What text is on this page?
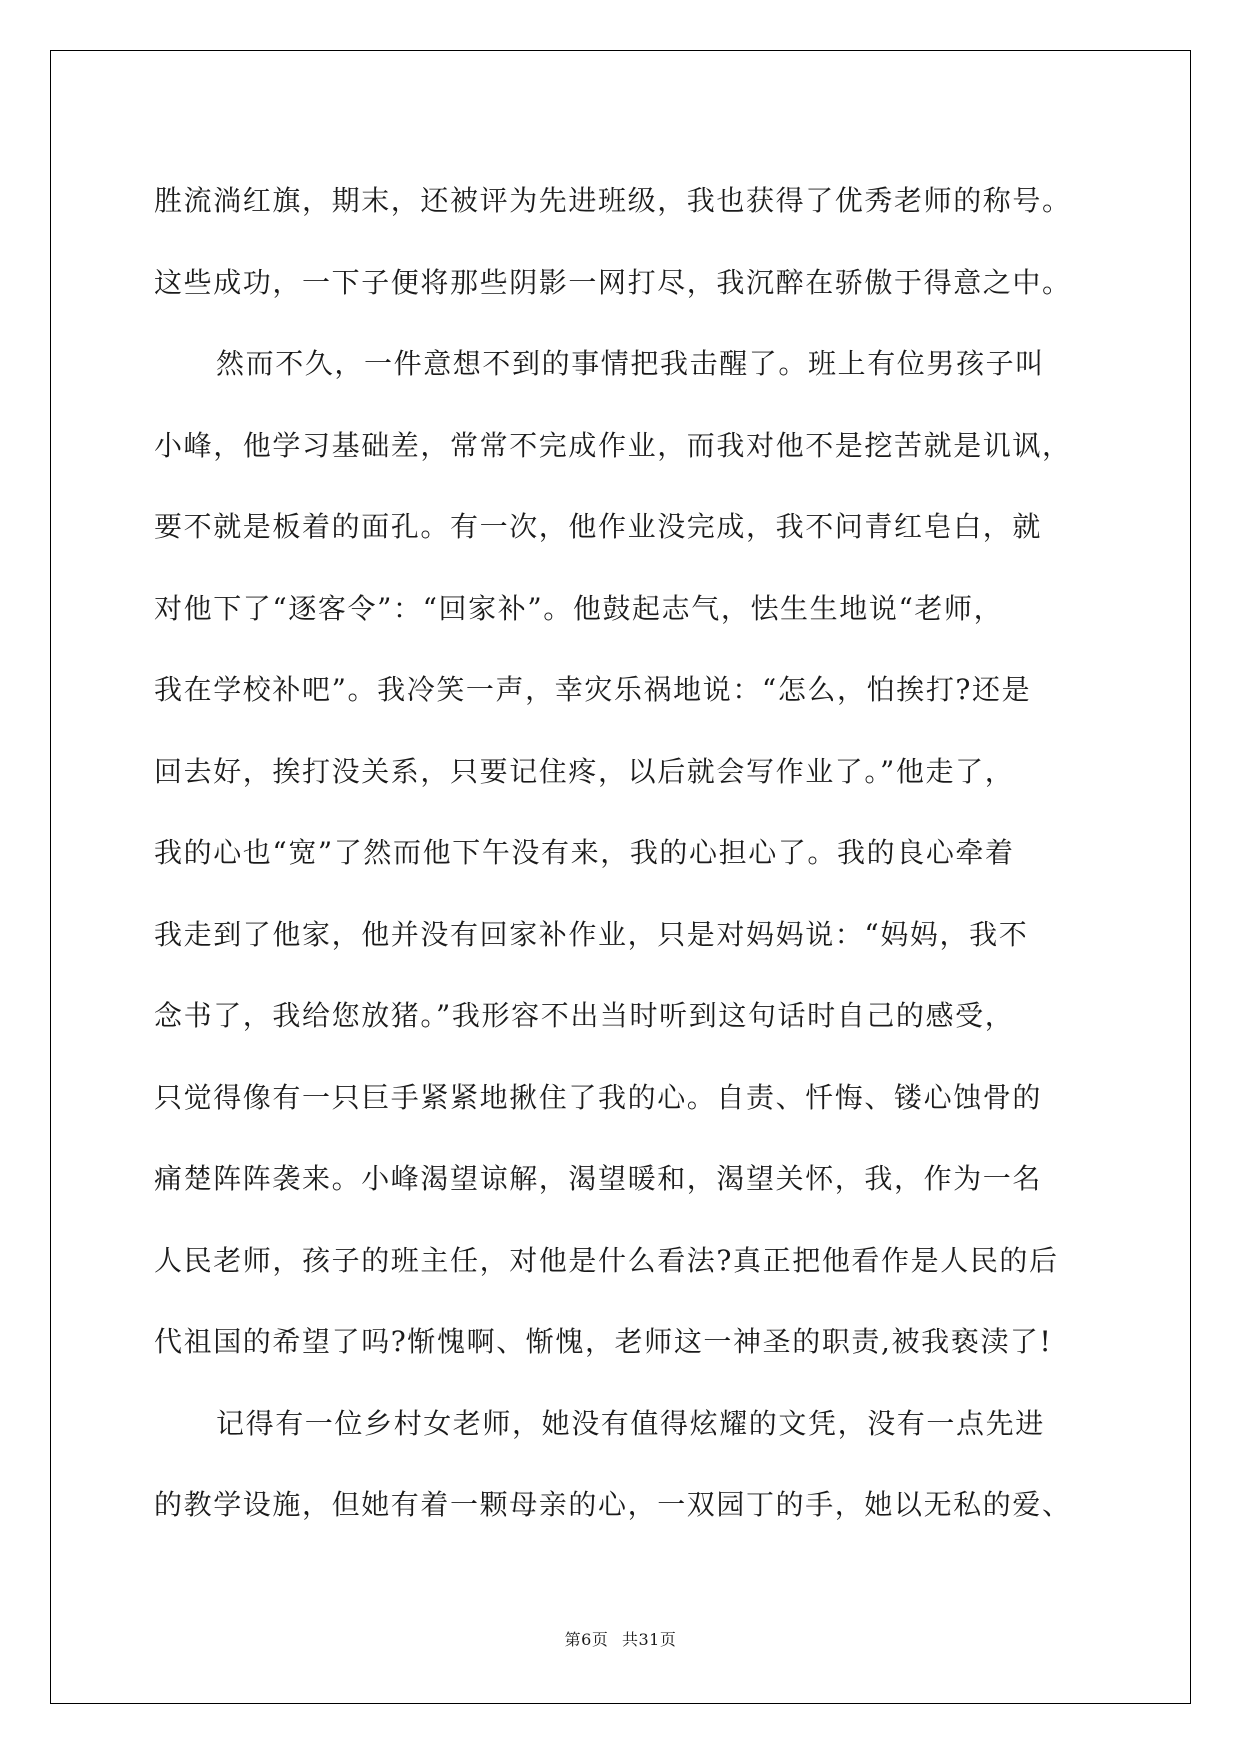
胜流淌红旗，期末，还被评为先进班级，我也获得了优秀老师的称号。
这些成功，一下子便将那些阴影一网打尽，我沉醉在骄傲于得意之中。
然而不久，一件意想不到的事情把我击醒了。班上有位男孩子叫
小峰，他学习基础差，常常不完成作业，而我对他不是挖苦就是讥讽，
要不就是板着的面孔。有一次，他作业没完成，我不问青红皂白，就
对他下了“逐客令”：“回家补”。他鼓起志气，怯生生地说“老师，
我在学校补吧”。我冷笑一声，幸灾乐祸地说：“怎么，怕挨打?还是
回去好，挨打没关系，只要记住疼，以后就会写作业了。”他走了，
我的心也“宽”了然而他下午没有来，我的心担心了。我的良心牵着
我走到了他家，他并没有回家补作业，只是对妈妈说：“妈妈，我不
念书了，我给您放猪。”我形容不出当时听到这句话时自己的感受，
只觉得像有一只巨手紧紧地揪住了我的心。自责、忏悔、镂心蚀骨的
痛楚阵阵袭来。小峰渴望谅解，渴望暖和，渴望关怀，我，作为一名
人民老师，孩子的班主任，对他是什么看法?真正把他看作是人民的后
代祖国的希望了吗?惭愧啊、惭愧，老师这一神圣的职责,被我亵渎了!
记得有一位乡村女老师，她没有值得炫耀的文凭，没有一点先进
的教学设施，但她有着一颗母亲的心，一双园丁的手，她以无私的爱、
第6页 共31页
